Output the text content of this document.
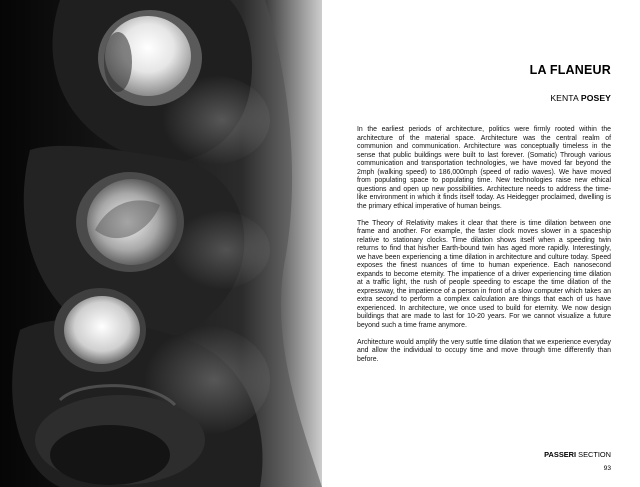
LA FLANEUR
KENTA POSEY

In the earliest periods of architecture, politics were firmly rooted within the architecture of the material space. Architecture was the central realm of communion and communication. Architecture was conceptually timeless in the sense that public buildings were built to last forever. (Somatic) Through various communication and transportation technologies, we have moved far beyond the 2mph (walking speed) to 186,000mph (speed of radio waves). We have moved from populating space to populating time. New technologies raise new ethical questions and open up new possibilities. Architecture needs to address the time-like environment in which it finds itself today. As Heidegger proclaimed, dwelling is the primary ethical imperative of human beings.

The Theory of Relativity makes it clear that there is time dilation between one frame and another. For example, the faster clock moves slower in a spaceship relative to stationary clocks. Time dilation shows itself when a speeding twin returns to find that his/her Earth-bound twin has aged more rapidly. Interestingly, we have been experiencing a time dilation in architecture and culture today. Speed exposes the finest nuances of time to human experience. Each nanosecond expands to become eternity. The impatience of a driver experiencing time dilation at a traffic light, the rush of people speeding to escape the time dilation of the expressway, the impatience of a person in front of a slow computer which takes an extra second to perform a complex calculation are things that each of us have experienced. In architecture, we once used to build for eternity. We now design buildings that are made to last for 10-20 years. For we cannot visualize a future beyond such a time frame anymore.

Architecture would amplify the very suttle time dilation that we experience everyday and allow the individual to occupy time and move through time differently than before.

PASSERI SECTION
93
